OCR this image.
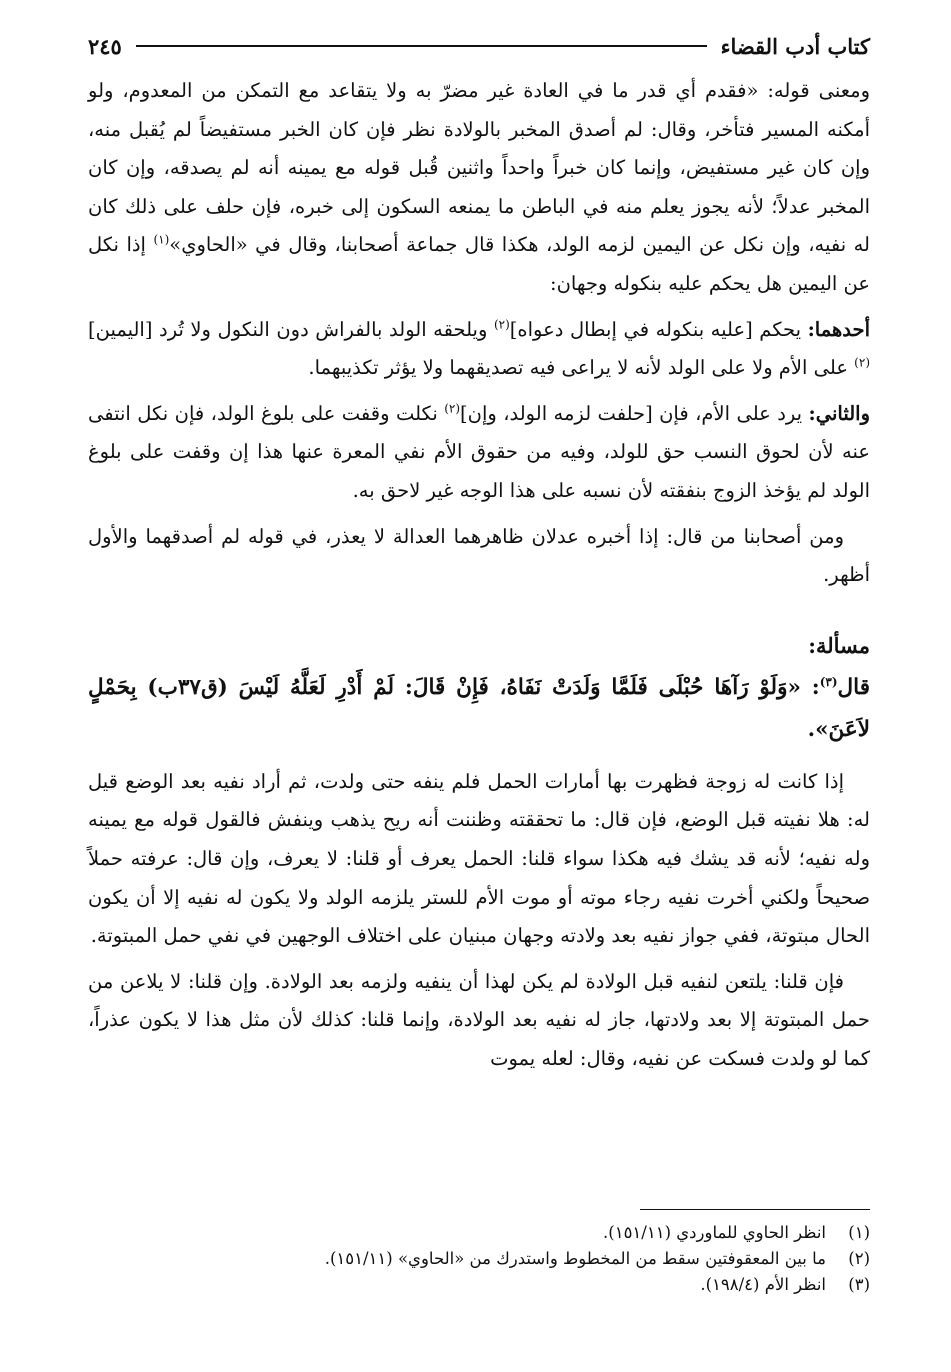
كتاب أدب القضاء
٢٤٥

ومعنى قوله: «فقدم أي قدر ما في العادة غير مضرّ به ولا يتقاعد مع التمكن من المعدوم، ولو أمكنه المسير فتأخر، وقال: لم أصدق المخبر بالولادة نظر فإن كان الخبر مستفيضاً لم يُقبل منه، وإن كان غير مستفيض، وإنما كان خبراً واحداً واثنين قُبل قوله مع يمينه أنه لم يصدقه، وإن كان المخبر عدلاً؛ لأنه يجوز يعلم منه في الباطن ما يمنعه السكون إلى خبره، فإن حلف على ذلك كان له نفيه، وإن نكل عن اليمين لزمه الولد، هكذا قال جماعة أصحابنا، وقال في «الحاوي»$^{(١)}$ إذا نكل عن اليمين هل يحكم عليه بنكوله وجهان:

أحدهما: يحكم [عليه بنكوله في إبطال دعواه]$^{(٢)}$ ويلحقه الولد بالفراش دون النكول ولا تُرد [اليمين]$^{(٢)}$ على الأم ولا على الولد لأنه لا يراعى فيه تصديقهما ولا يؤثر تكذيبهما.

والثاني: يرد على الأم، فإن [حلفت لزمه الولد، وإن]$^{(٢)}$ نكلت وقفت على بلوغ الولد، فإن نكل انتفى عنه لأن لحوق النسب حق للولد، وفيه من حقوق الأم نفي المعرة عنها هذا إن وقفت على بلوغ الولد لم يؤخذ الزوج بنفقته لأن نسبه على هذا الوجه غير لاحق به.

ومن أصحابنا من قال: إذا أخبره عدلان ظاهرهما العدالة لا يعذر، في قوله لم أصدقهما والأول أظهر.

مسألة:

قال$^{(٣)}$: «وَلَوْ رَآهَا حُبْلَى فَلَمَّا وَلَدَتْ نَفَاهُ، فَإِنْ قَالَ: لَمْ أَدْرِ لَعَلَّهُ لَيْسَ (ق٣٧ب) بِحَمْلٍ لاَعَنَ».

إذا كانت له زوجة فظهرت بها أمارات الحمل فلم ينفه حتى ولدت، ثم أراد نفيه بعد الوضع قيل له: هلا نفيته قبل الوضع، فإن قال: ما تحققته وظننت أنه ريح يذهب وينفش فالقول قوله مع يمينه وله نفيه؛ لأنه قد يشك فيه هكذا سواء قلنا: الحمل يعرف أو قلنا: لا يعرف، وإن قال: عرفته حملاً صحيحاً ولكني أخرت نفيه رجاء موته أو موت الأم للستر يلزمه الولد ولا يكون له نفيه إلا أن يكون الحال مبتوتة، ففي جواز نفيه بعد ولادته وجهان مبنيان على اختلاف الوجهين في نفي حمل المبتوتة.

فإن قلنا: يلتعن لنفيه قبل الولادة لم يكن لهذا أن ينفيه ولزمه بعد الولادة. وإن قلنا: لا يلاعن من حمل المبتوتة إلا بعد ولادتها، جاز له نفيه بعد الولادة، وإنما قلنا: كذلك لأن مثل هذا لا يكون عذراً، كما لو ولدت فسكت عن نفيه، وقال: لعله يموت

(١)
انظر الحاوي للماوردي (١٥١/١١).
(٢)
ما بين المعقوفتين سقط من المخطوط واستدرك من «الحاوي» (١٥١/١١).
(٣)
انظر الأم (١٩٨/٤).
